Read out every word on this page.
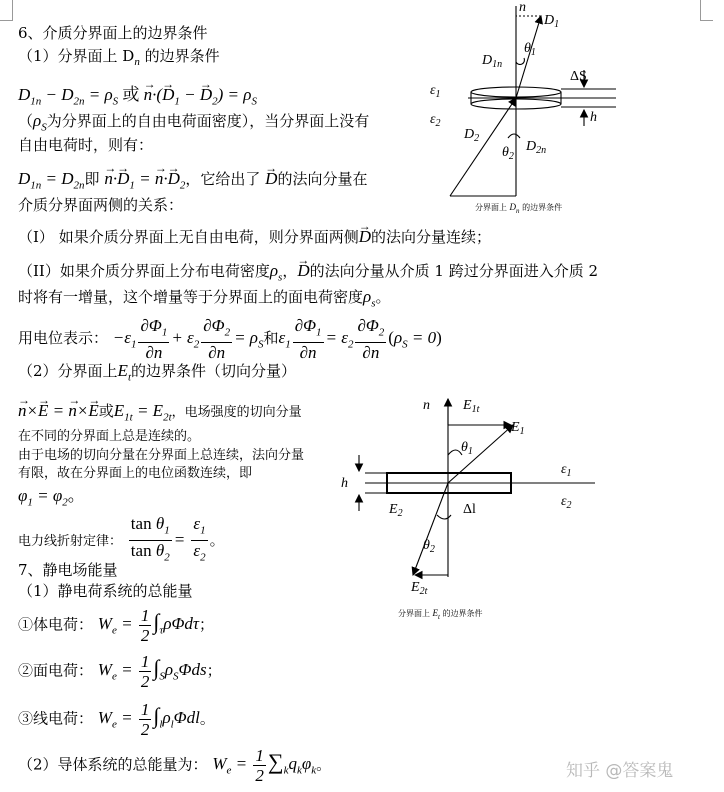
6、介质分界面上的边界条件
（1）分界面上 $D_n$ 的边界条件
$D_{1n} - D_{2n} = \rho_S$ 或 → $n\cdot(\to D_1$ − → $D_2) = \rho_S$
（$\rho_S$为分界面上的自由电荷面密度），当分界面上没有
自由电荷时，则有：
$D_{1n} = D_{2n}$即 → $n\cdot\to D_1$ = → $n\cdot\to D_2$，它给出了 → D的法向分量在
介质分界面两侧的关系：
（I） 如果介质分界面上无自由电荷，则分界面两侧→ D的法向分量连续；
（II）如果介质分界面上分布电荷密度$\rho_s$，→ D的法向分量从介质 1 跨过分界面进入介质 2
时将有一增量，这个增量等于分界面上的面电荷密度$\rho_s$。
用电位表示： $-\varepsilon_1 \frac{\partial\Phi_1}{\partial n} + \varepsilon_2 \frac{\partial\Phi_2}{\partial n} = \rho_S$和$\varepsilon_1 \frac{\partial\Phi_1}{\partial n} = \varepsilon_2 \frac{\partial\Phi_2}{\partial n} (\rho_S = 0)$
（2）分界面上$E_t$的边界条件（切向分量）
→ n×→ E = → n×→ E或$E_{1t} = E_{2t}$，电场强度的切向分量
在不同的分界面上总是连续的。
由于电场的切向分量在分界面上总连续，法向分量
有限，故在分界面上的电位函数连续，即
$\varphi_1 = \varphi_2$。
电力线折射定律： $\frac{\tan \theta_1}{\tan \theta_2} = \frac{\varepsilon_1}{\varepsilon_2}$ 。
7、静电场能量
（1）静电荷系统的总能量
①体电荷： $W_e = \frac{1}{2} \int_\tau\rho\Phi d\tau$；
②面电荷： $W_e = \frac{1}{2} \int_S\rho_S\Phi ds$；
③线电荷： $W_e = \frac{1}{2} \int_l\rho_l\Phi dl$。
（2）导体系统的总能量为： $W_e = \frac{1}{2} \sum_kq_k\varphi_k$。
n
$D_1$
$\theta_1$
$D_{1n}$
ΔS
$\varepsilon_1$
$\varepsilon_2$	h
$D_2$
$\theta_2$
$D_{2n}$
分界面上 $D_n$ 的边界条件
n $E_{1t}$
$E_1$
$\theta_1$
$\varepsilon_1$
h
$\varepsilon_2$
$E_2$	Δl
$\theta_2$
$E_{2t}$
分界面上 $E_t$ 的边界条件
知乎 @答案鬼
